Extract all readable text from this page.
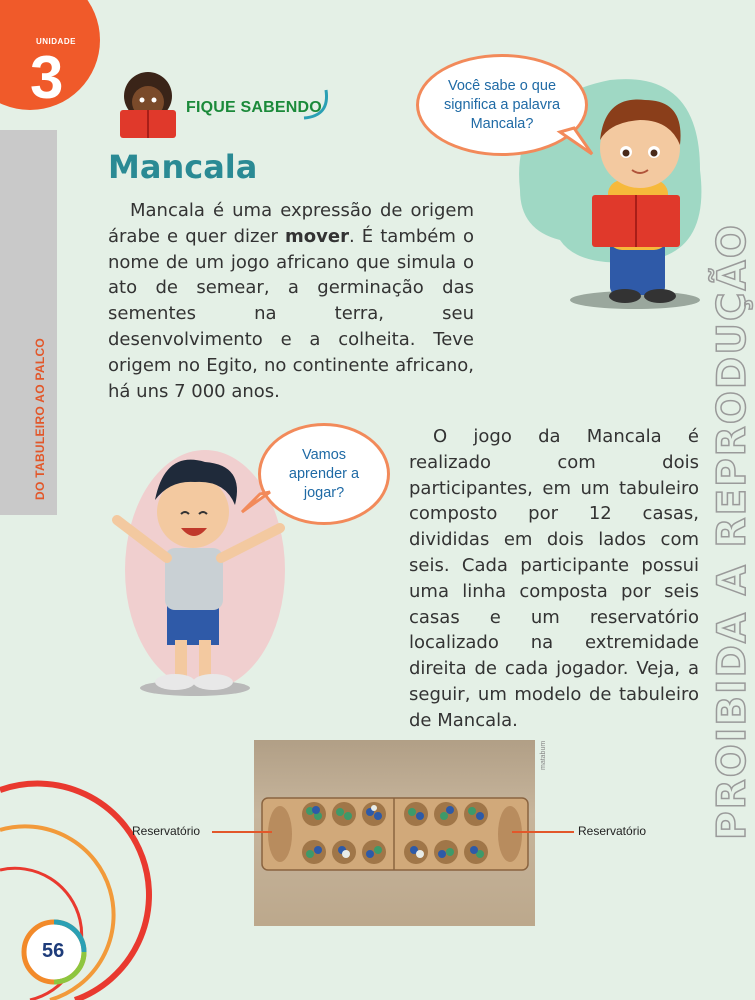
UNIDADE
3
DO TABULEIRO AO PALCO
56
FIQUE SABENDO
Mancala
Mancala é uma expressão de origem árabe e quer dizer mover. É também o nome de um jogo africano que simula o ato de semear, a germinação das sementes na terra, seu desenvolvimento e a colheita. Teve origem no Egito, no continente africano, há uns 7 000 anos.
Você sabe o que significa a palavra Mancala?
Vamos aprender a jogar?
O jogo da Mancala é realizado com dois participantes, em um tabuleiro composto por 12 casas, divididas em dois lados com seis. Cada participante possui uma linha composta por seis casas e um reservatório localizado na extremidade direita de cada jogador. Veja, a seguir, um modelo de tabuleiro de Mancala.	PROIBIDA A REPRODUÇÃO
matabum
Reservatório	Reservatório
